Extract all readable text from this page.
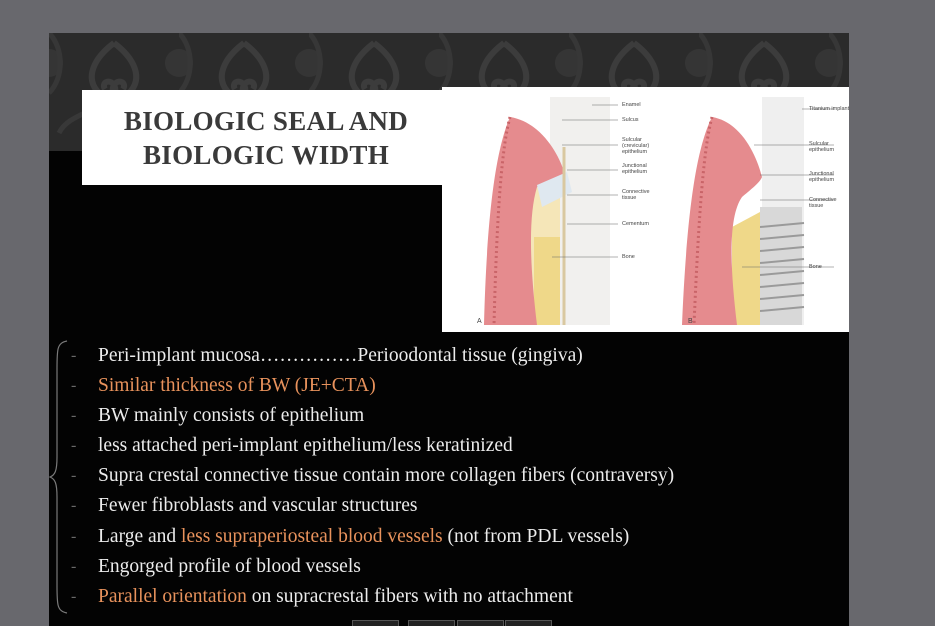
BIOLOGIC SEAL AND
BIOLOGIC WIDTH
Enamel
Sulcus
Sulcular (crevicular) epithelium
Junctional epithelium
Connective tissue
Cementum
Bone
Titanium implant
Sulcular epithelium
Junctional epithelium
Connective tissue
Bone
A	B
- Peri-implant mucosa……………Perioodontal tissue (gingiva)
- Similar thickness of BW (JE+CTA)
- BW mainly consists of epithelium
- less attached peri-implant epithelium/less keratinized
- Supra crestal connective tissue contain more collagen fibers (contraversy)
- Fewer fibroblasts and vascular structures
- Large and less supraperiosteal blood vessels (not from PDL vessels)
- Engorged profile of blood vessels
- Parallel orientation on supracrestal fibers with no attachment
